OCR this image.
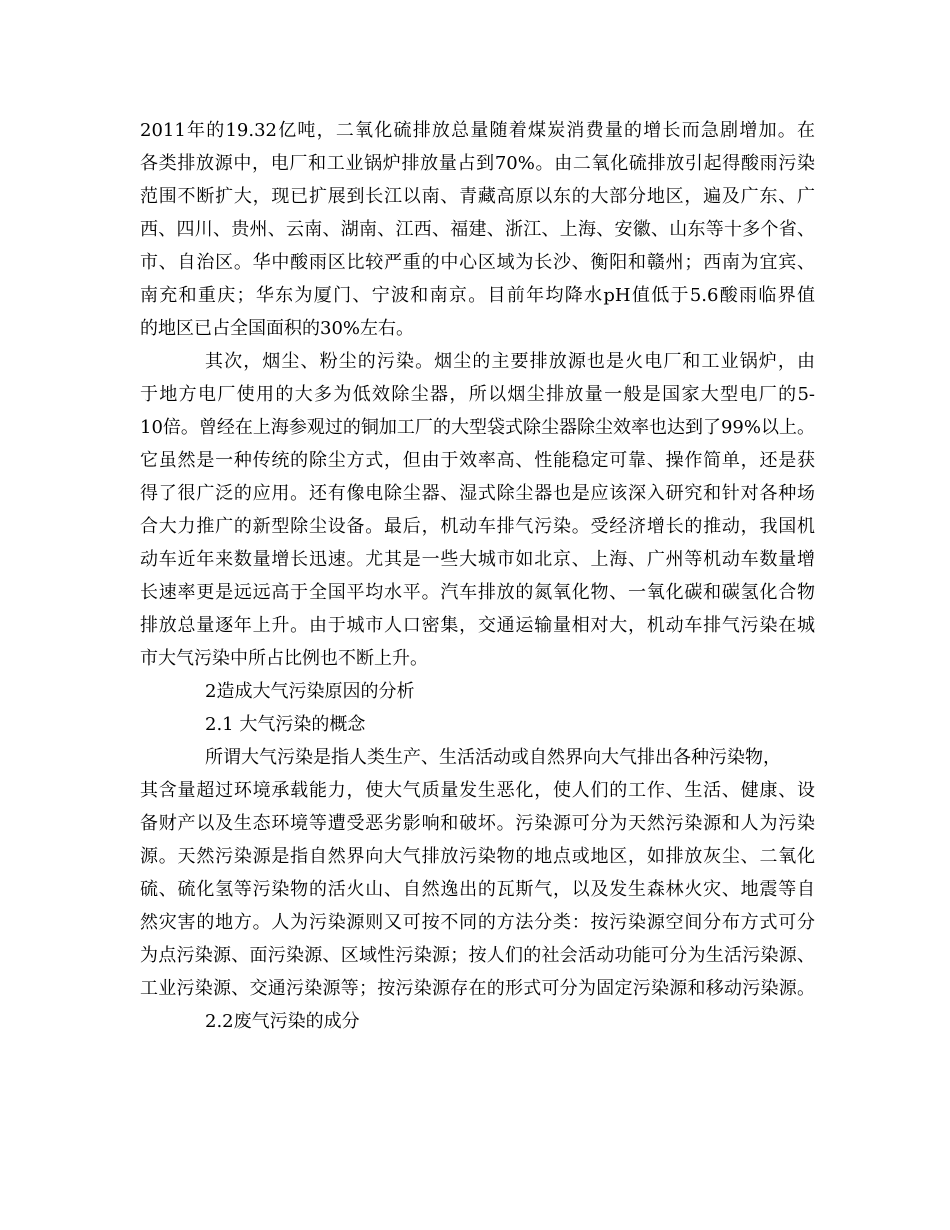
2011年的19.32亿吨，二氧化硫排放总量随着煤炭消费量的增长而急剧增加。在
各类排放源中，电厂和工业锅炉排放量占到70%。由二氧化硫排放引起得酸雨污染
范围不断扩大，现已扩展到长江以南、青藏高原以东的大部分地区，遍及广东、广
西、四川、贵州、云南、湖南、江西、福建、浙江、上海、安徽、山东等十多个省、
市、自治区。华中酸雨区比较严重的中心区域为长沙、衡阳和赣州；西南为宜宾、
南充和重庆；华东为厦门、宁波和南京。目前年均降水pH值低于5.6酸雨临界值
的地区已占全国面积的30%左右。
其次，烟尘、粉尘的污染。烟尘的主要排放源也是火电厂和工业锅炉，由
于地方电厂使用的大多为低效除尘器，所以烟尘排放量一般是国家大型电厂的5-
10倍。曾经在上海参观过的铜加工厂的大型袋式除尘器除尘效率也达到了99%以上。
它虽然是一种传统的除尘方式，但由于效率高、性能稳定可靠、操作简单，还是获
得了很广泛的应用。还有像电除尘器、湿式除尘器也是应该深入研究和针对各种场
合大力推广的新型除尘设备。最后，机动车排气污染。受经济增长的推动，我国机
动车近年来数量增长迅速。尤其是一些大城市如北京、上海、广州等机动车数量增
长速率更是远远高于全国平均水平。汽车排放的氮氧化物、一氧化碳和碳氢化合物
排放总量逐年上升。由于城市人口密集，交通运输量相对大，机动车排气污染在城
市大气污染中所占比例也不断上升。
2造成大气污染原因的分析
2.1 大气污染的概念
所谓大气污染是指人类生产、生活活动或自然界向大气排出各种污染物，
其含量超过环境承载能力，使大气质量发生恶化，使人们的工作、生活、健康、设
备财产以及生态环境等遭受恶劣影响和破坏。污染源可分为天然污染源和人为污染
源。天然污染源是指自然界向大气排放污染物的地点或地区，如排放灰尘、二氧化
硫、硫化氢等污染物的活火山、自然逸出的瓦斯气，以及发生森林火灾、地震等自
然灾害的地方。人为污染源则又可按不同的方法分类：按污染源空间分布方式可分
为点污染源、面污染源、区域性污染源；按人们的社会活动功能可分为生活污染源、
工业污染源、交通污染源等；按污染源存在的形式可分为固定污染源和移动污染源。
2.2废气污染的成分
